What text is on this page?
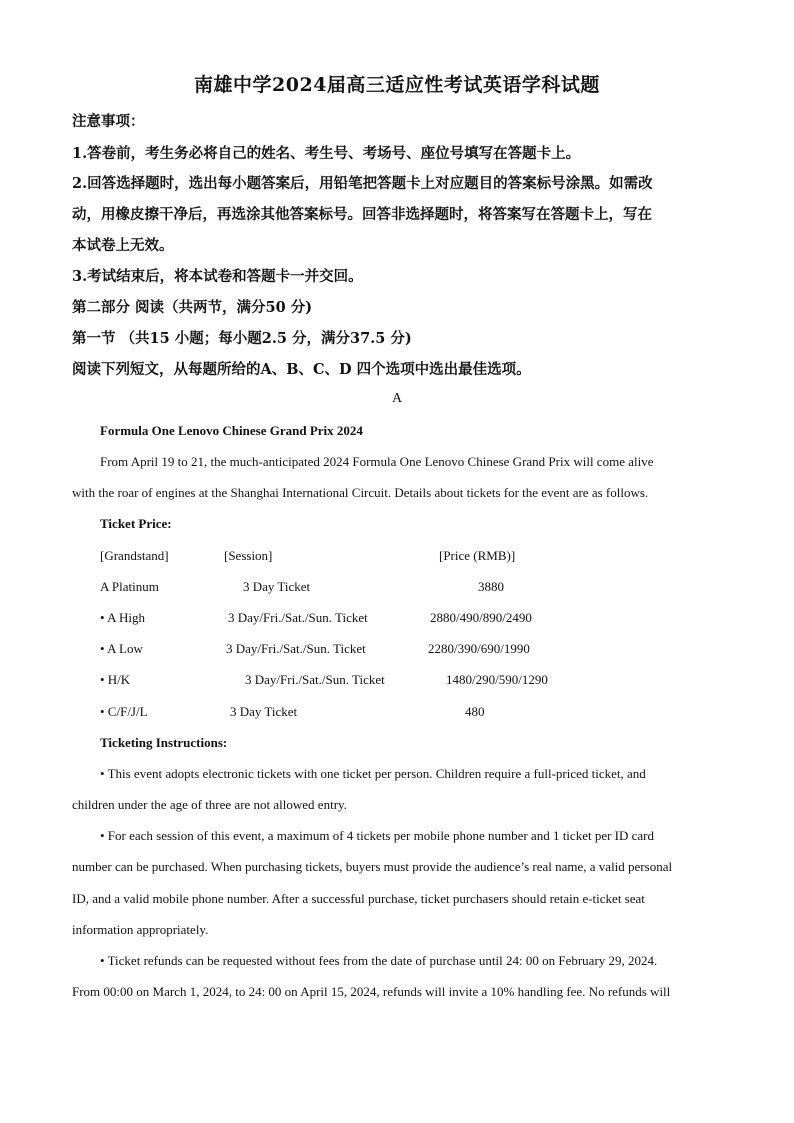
南雄中学2024届高三适应性考试英语学科试题
注意事项：
1.答卷前，考生务必将自己的姓名、考生号、考场号、座位号填写在答题卡上。
2.回答选择题时，选出每小题答案后，用铅笔把答题卡上对应题目的答案标号涂黑。如需改
动，用橡皮擦干净后，再选涂其他答案标号。回答非选择题时，将答案写在答题卡上，写在
本试卷上无效。
3.考试结束后，将本试卷和答题卡一并交回。
第二部分 阅读（共两节，满分50 分)
第一节 （共15 小题；每小题2.5 分，满分37.5 分)
阅读下列短文，从每题所给的A、B、C、D 四个选项中选出最佳选项。
A
Formula One Lenovo Chinese Grand Prix 2024
From April 19 to 21, the much-anticipated 2024 Formula One Lenovo Chinese Grand Prix will come alive
with the roar of engines at the Shanghai International Circuit. Details about tickets for the event are as follows.
Ticket Price:
[Grandstand]	[Session]	[Price (RMB)]
A Platinum	3 Day Ticket	3880
• A High	3 Day/Fri./Sat./Sun. Ticket	2880/490/890/2490
• A Low	3 Day/Fri./Sat./Sun. Ticket	2280/390/690/1990
• H/K	3 Day/Fri./Sat./Sun. Ticket	1480/290/590/1290
• C/F/J/L	3 Day Ticket	480
Ticketing Instructions:
• This event adopts electronic tickets with one ticket per person. Children require a full-priced ticket, and
children under the age of three are not allowed entry.
• For each session of this event, a maximum of 4 tickets per mobile phone number and 1 ticket per ID card
number can be purchased. When purchasing tickets, buyers must provide the audience’s real name, a valid personal
ID, and a valid mobile phone number. After a successful purchase, ticket purchasers should retain e-ticket seat
information appropriately.
• Ticket refunds can be requested without fees from the date of purchase until 24: 00 on February 29, 2024.
From 00:00 on March 1, 2024, to 24: 00 on April 15, 2024, refunds will invite a 10% handling fee. No refunds will
